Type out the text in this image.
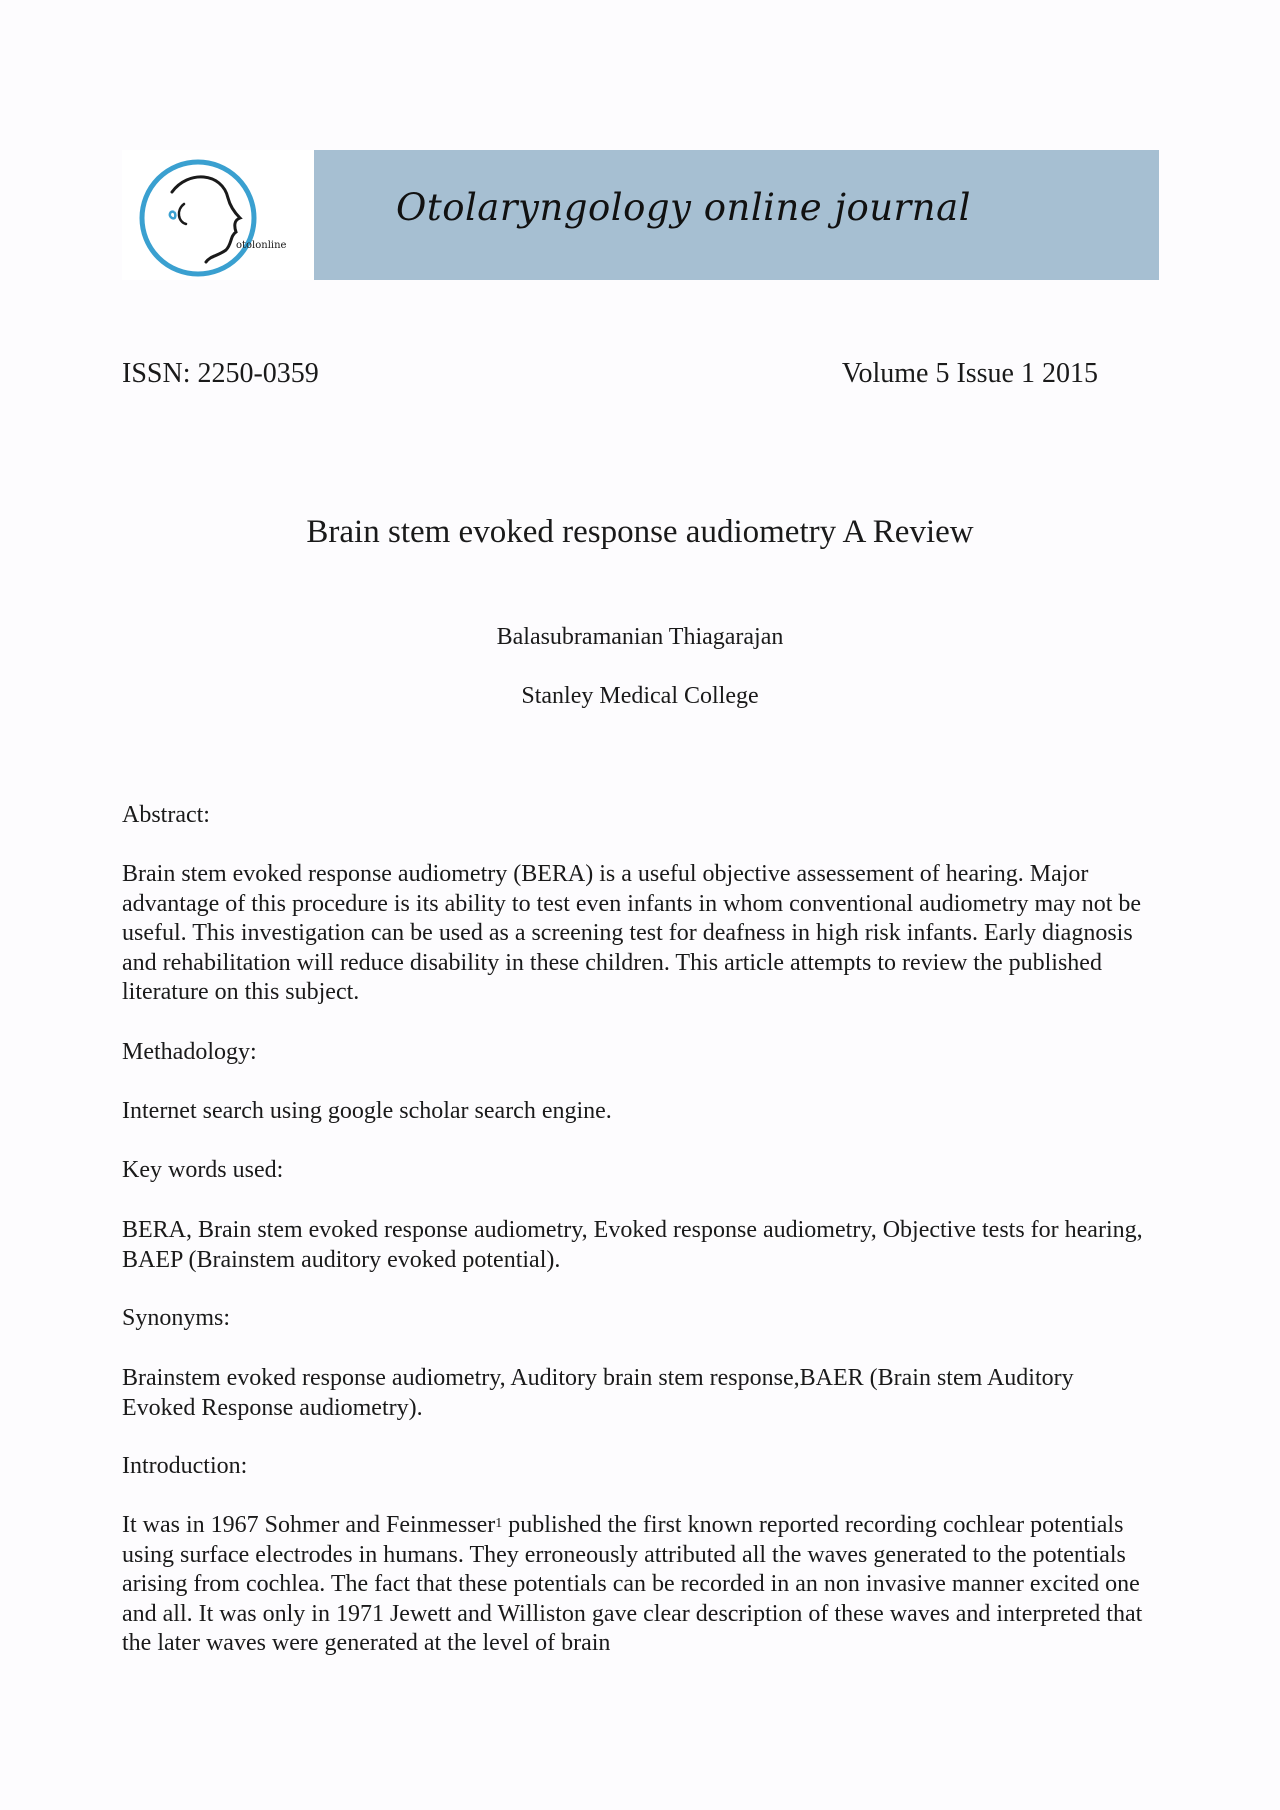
otolonline
Otolaryngology online journal
ISSN: 2250-0359	Volume 5 Issue 1 2015
Brain stem evoked response audiometry A Review
Balasubramanian Thiagarajan
Stanley Medical College
Abstract:
Brain stem evoked response audiometry (BERA) is a useful objective assessement of hearing. Major advantage of this procedure is its ability to test even infants in whom conventional audiometry may not be useful. This investigation can be used as a screening test for deafness in high risk infants. Early diagnosis and rehabilitation will reduce disability in these children. This article attempts to review the published literature on this subject.
Methadology:
Internet search using google scholar search engine.
Key words used:
BERA, Brain stem evoked response audiometry, Evoked response audiometry, Objective tests for hearing, BAEP (Brainstem auditory evoked potential).
Synonyms:
Brainstem evoked response audiometry, Auditory brain stem response,BAER (Brain stem Auditory Evoked Response audiometry).
Introduction:
It was in 1967 Sohmer and Feinmesser$^1$ published the first known reported recording cochlear potentials using surface electrodes in humans. They erroneously attributed all the waves generated to the potentials arising from cochlea. The fact that these potentials can be recorded in an non invasive manner excited one and all. It was only in 1971 Jewett and Williston gave clear description of these waves and interpreted that the later waves were generated at the level of brain
